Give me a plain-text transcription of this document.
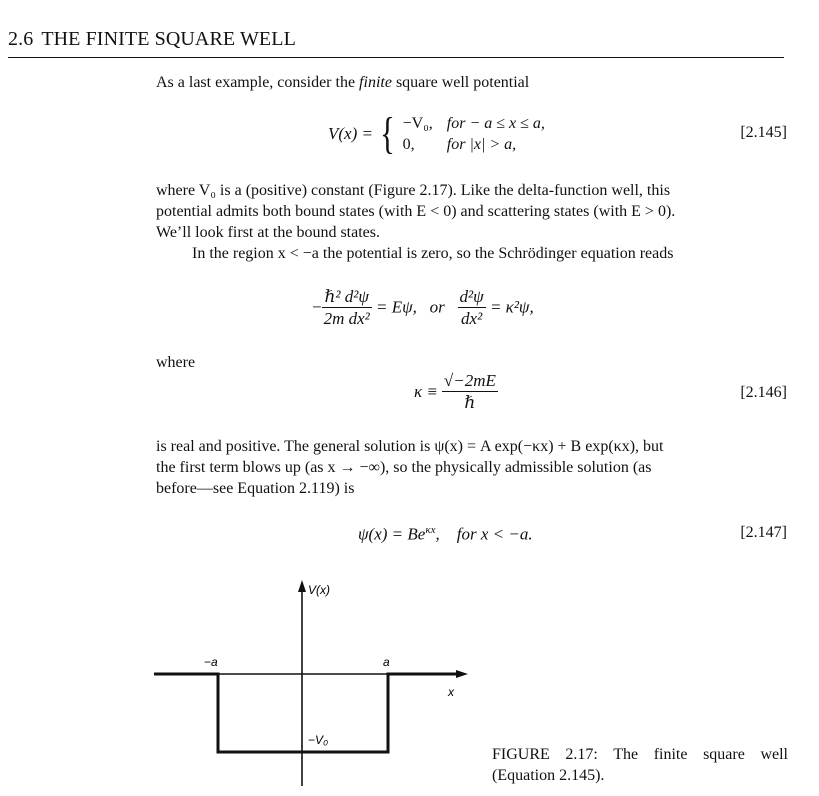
2.6 THE FINITE SQUARE WELL
As a last example, consider the finite square well potential
V(x) = { −V₀,	for − a ≤ x ≤ a,
0,	for |x| > a,
[2.145]
where V₀ is a (positive) constant (Figure 2.17). Like the delta-function well, this
potential admits both bound states (with E < 0) and scattering states (with E > 0).
We’ll look first at the bound states.
In the region x < −a the potential is zero, so the Schrödinger equation reads
− $\frac{\text{ℏ² d²ψ}}{\text{2m dx²}} = E\psi$,   or $\frac{\text{d²ψ}}{\text{dx²}} = \kappa^2\psi$,
where
$\kappa \equiv \frac{√-2mE}{\text{ℏ}}$	[2.146]
is real and positive. The general solution is ψ(x) = A exp(−κx) + B exp(κx), but
the first term blows up (as x → −∞), so the physically admissible solution (as
before—see Equation 2.119) is
$\psi(x) = Be^{\kappa x}$,    for x < −a.	[2.147]
V(x)
x
−a	a
−V₀
FIGURE 2.17: The finite square well (Equation 2.145).
